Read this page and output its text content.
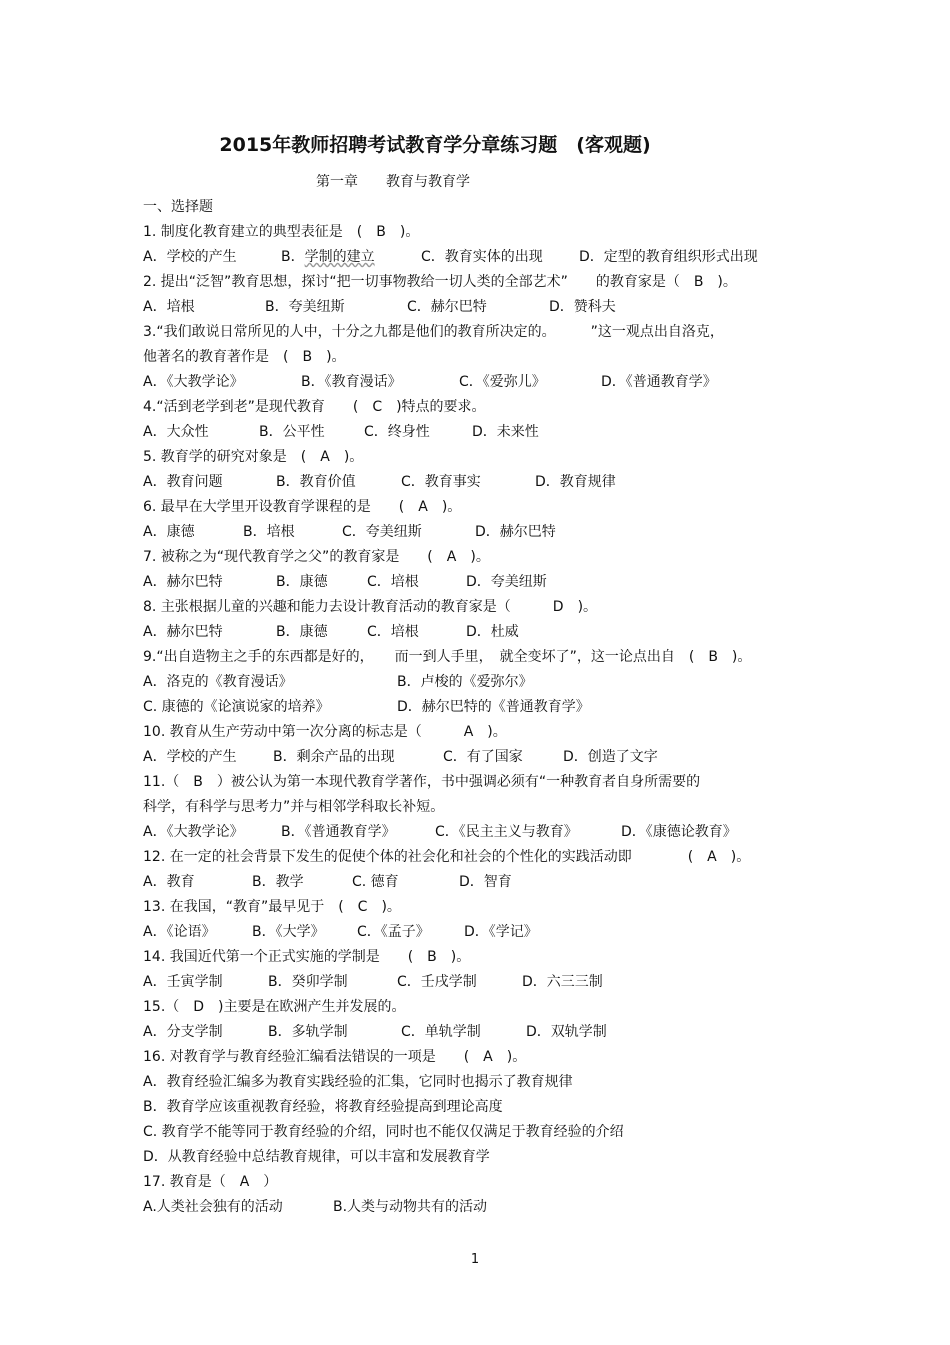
2015年教师招聘考试教育学分章练习题　(客观题)
第一章 教育与教育学
一、选择题
1. 制度化教育建立的典型表征是　(　B　)。
A．学校的产生	B．学制的建立	C．教育实体的出现	D．定型的教育组织形式出现
2. 提出“泛智”教育思想，探讨“把一切事物教给一切人类的全部艺术”　　的教育家是（　B　)。
A．培根	B．夸美纽斯	C．赫尔巴特	D．赞科夫
3.“我们敢说日常所见的人中，十分之九都是他们的教育所决定的。　　　”这一观点出自洛克，
他著名的教育著作是　(　B　)。
A．《大教学论》	B．《教育漫话》	C．《爱弥儿》	D．《普通教育学》
4.“活到老学到老”是现代教育　　(　C　)特点的要求。
A．大众性	B．公平性	C．终身性	D．未来性
5. 教育学的研究对象是　(　A　)。
A．教育问题	B．教育价值	C．教育事实	D．教育规律
6. 最早在大学里开设教育学课程的是　　(　A　)。
A．康德	B．培根	C．夸美纽斯	D．赫尔巴特
7. 被称之为“现代教育学之父”的教育家是　　(　A　)。
A．赫尔巴特	B．康德	C．培根	D．夸美纽斯
8. 主张根据儿童的兴趣和能力去设计教育活动的教育家是（　　　D　)。
A．赫尔巴特	B．康德	C．培根	D．杜威
9.“出自造物主之手的东西都是好的，　　而一到人手里，　就全变坏了”，这一论点出自　(　B　)。
A．洛克的《教育漫话》	B．卢梭的《爱弥尔》
C. 康德的《论演说家的培养》	D．赫尔巴特的《普通教育学》
10. 教育从生产劳动中第一次分离的标志是（　　　A　)。
A．学校的产生	B．剩余产品的出现	C．有了国家	D．创造了文字
11.（　B　）被公认为第一本现代教育学著作，书中强调必须有“一种教育者自身所需要的
科学，有科学与思考力”并与相邻学科取长补短。
A．《大教学论》	B．《普通教育学》	C．《民主主义与教育》	D．《康德论教育》
12. 在一定的社会背景下发生的促使个体的社会化和社会的个性化的实践活动即　　　　(　A　)。
A．教育	B．教学	C. 德育	D．智育
13. 在我国，“教育”最早见于　(　C　)。
A．《论语》	B．《大学》	C．《孟子》	D．《学记》
14. 我国近代第一个正式实施的学制是　　(　B　)。
A．壬寅学制	B．癸卯学制	C．壬戌学制	D．六三三制
15.（　D　)主要是在欧洲产生并发展的。
A．分支学制	B．多轨学制	C．单轨学制	D．双轨学制
16. 对教育学与教育经验汇编看法错误的一项是　　(　A　)。
A．教育经验汇编多为教育实践经验的汇集，它同时也揭示了教育规律
B．教育学应该重视教育经验，将教育经验提高到理论高度
C. 教育学不能等同于教育经验的介绍，同时也不能仅仅满足于教育经验的介绍
D．从教育经验中总结教育规律，可以丰富和发展教育学
17. 教育是（　A　）
A.人类社会独有的活动	B.人类与动物共有的活动
1
